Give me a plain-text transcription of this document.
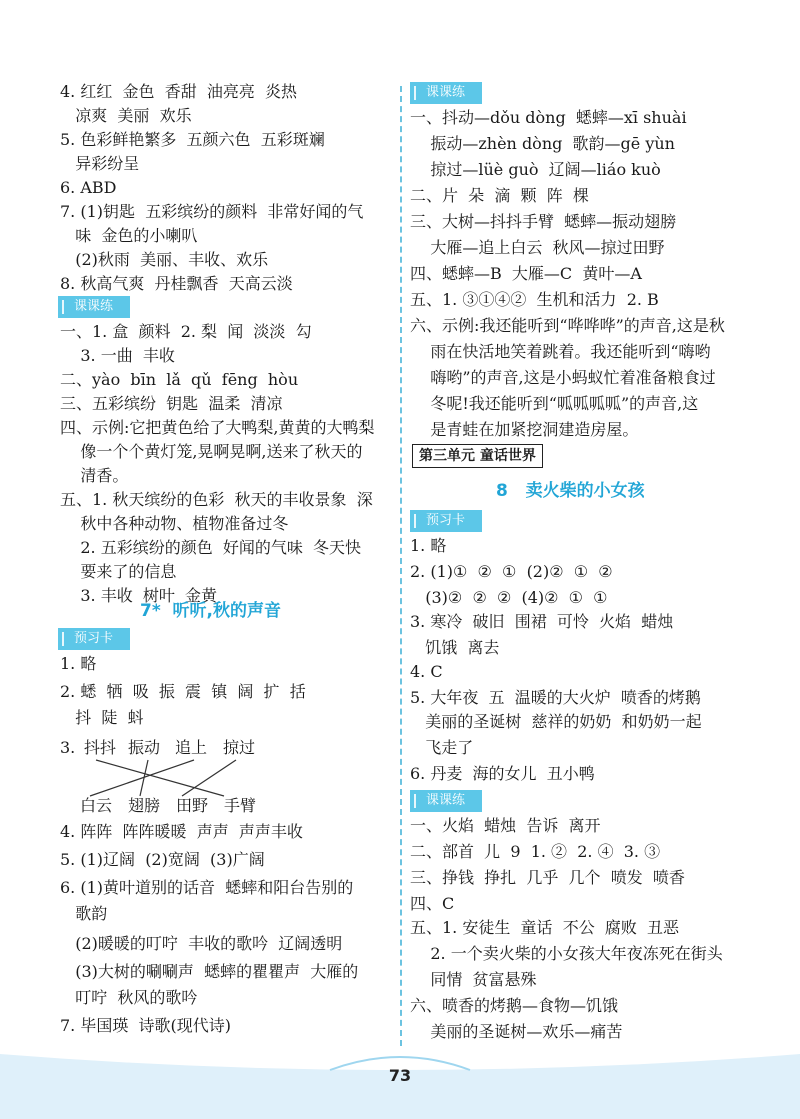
4. 红红  金色  香甜  油亮亮  炎热
凉爽  美丽  欢乐
5. 色彩鲜艳繁多  五颜六色  五彩斑斓
异彩纷呈
6. ABD
7. (1)钥匙  五彩缤纷的颜料  非常好闻的气
味  金色的小喇叭
(2)秋雨  美丽、丰收、欢乐
8. 秋高气爽  丹桂飘香  天高云淡
课课练
一、1. 盒  颜料  2. 梨  闻  淡淡  勾
3. 一曲  丰收
二、yào  bīn  lǎ  qǔ  fēng  hòu
三、五彩缤纷  钥匙  温柔  清凉
四、示例:它把黄色给了大鸭梨,黄黄的大鸭梨
像一个个黄灯笼,晃啊晃啊,送来了秋天的
清香。
五、1. 秋天缤纷的色彩  秋天的丰收景象  深
秋中各种动物、植物准备过冬
2. 五彩缤纷的颜色  好闻的气味  冬天快
要来了的信息
3. 丰收  树叶  金黄
7*  听听,秋的声音
预习卡
1. 略
2. 蟋  牺  吸  振  震  镇  阔  扩  括
抖  陡  蚪
3. 抖抖 振动 追上 掠过
白云 翅膀 田野 手臂
4. 阵阵  阵阵暖暖  声声  声声丰收
5. (1)辽阔  (2)宽阔  (3)广阔
6. (1)黄叶道别的话音  蟋蟀和阳台告别的
歌韵
(2)暖暖的叮咛  丰收的歌吟  辽阔透明
(3)大树的唰唰声  蟋蟀的瞿瞿声  大雁的
叮咛  秋风的歌吟
7. 毕国瑛  诗歌(现代诗)
课课练
一、抖动—dǒu dòng  蟋蟀—xī shuài
振动—zhèn dòng  歌韵—gē yùn
掠过—lüè guò  辽阔—liáo kuò
二、片  朵  滴  颗  阵  棵
三、大树—抖抖手臂  蟋蟀—振动翅膀
大雁—追上白云  秋风—掠过田野
四、蟋蟀—B  大雁—C  黄叶—A
五、1. ③①④②  生机和活力  2. B
六、示例:我还能听到“哗哗哗”的声音,这是秋
雨在快活地笑着跳着。我还能听到“嗨哟
嗨哟”的声音,这是小蚂蚁忙着准备粮食过
冬呢!我还能听到“呱呱呱呱”的声音,这
是青蛙在加紧挖洞建造房屋。
第三单元 童话世界
8   卖火柴的小女孩
预习卡
1. 略
2. (1)①  ②  ①  (2)②  ①  ②
(3)②  ②  ②  (4)②  ①  ①
3. 寒冷  破旧  围裙  可怜  火焰  蜡烛
饥饿  离去
4. C
5. 大年夜  五  温暖的大火炉  喷香的烤鹅
美丽的圣诞树  慈祥的奶奶  和奶奶一起
飞走了
6. 丹麦  海的女儿  丑小鸭
课课练
一、火焰  蜡烛  告诉  离开
二、部首  儿  9  1. ②  2. ④  3. ③
三、挣钱  挣扎  几乎  几个  喷发  喷香
四、C
五、1. 安徒生  童话  不公  腐败  丑恶
2. 一个卖火柴的小女孩大年夜冻死在街头
同情  贫富悬殊
六、喷香的烤鹅—食物—饥饿
美丽的圣诞树—欢乐—痛苦
73
